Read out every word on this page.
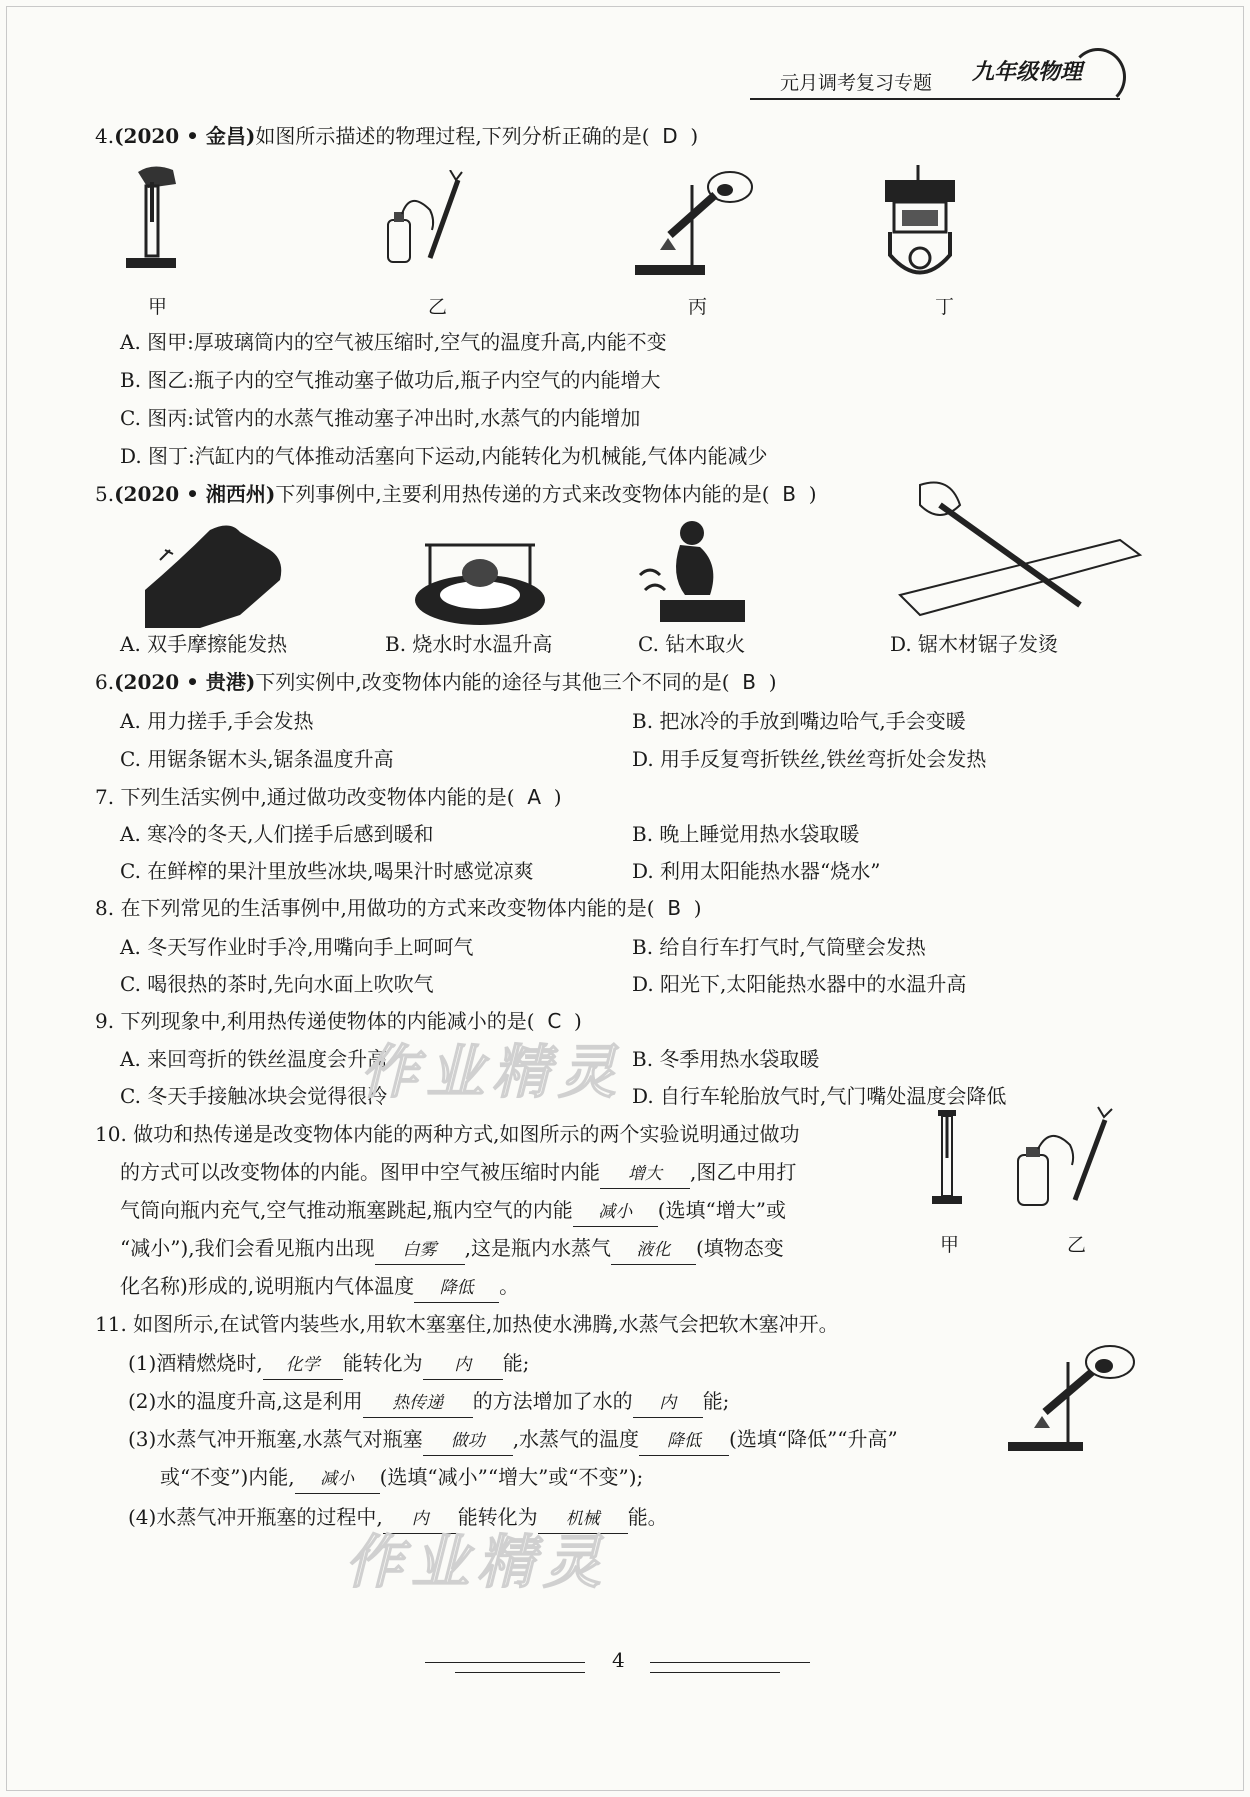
元月调考复习专题 九年级物理
4.(2020 • 金昌)如图所示描述的物理过程,下列分析正确的是( D )
甲	乙	丙	丁
A. 图甲:厚玻璃筒内的空气被压缩时,空气的温度升高,内能不变
B. 图乙:瓶子内的空气推动塞子做功后,瓶子内空气的内能增大
C. 图丙:试管内的水蒸气推动塞子冲出时,水蒸气的内能增加
D. 图丁:汽缸内的气体推动活塞向下运动,内能转化为机械能,气体内能减少
5.(2020 • 湘西州)下列事例中,主要利用热传递的方式来改变物体内能的是( B )
A. 双手摩擦能发热	B. 烧水时水温升高	C. 钻木取火	D. 锯木材锯子发烫
6.(2020 • 贵港)下列实例中,改变物体内能的途径与其他三个不同的是( B )
A. 用力搓手,手会发热	B. 把冰冷的手放到嘴边哈气,手会变暖
C. 用锯条锯木头,锯条温度升高	D. 用手反复弯折铁丝,铁丝弯折处会发热
7. 下列生活实例中,通过做功改变物体内能的是( A )
A. 寒冷的冬天,人们搓手后感到暖和	B. 晚上睡觉用热水袋取暖
C. 在鲜榨的果汁里放些冰块,喝果汁时感觉凉爽	D. 利用太阳能热水器“烧水”
8. 在下列常见的生活事例中,用做功的方式来改变物体内能的是( B )
A. 冬天写作业时手冷,用嘴向手上呵呵气	B. 给自行车打气时,气筒壁会发热
C. 喝很热的茶时,先向水面上吹吹气	D. 阳光下,太阳能热水器中的水温升高
9. 下列现象中,利用热传递使物体的内能减小的是( C )
A. 来回弯折的铁丝温度会升高	B. 冬季用热水袋取暖
C. 冬天手接触冰块会觉得很冷	D. 自行车轮胎放气时,气门嘴处温度会降低
10. 做功和热传递是改变物体内能的两种方式,如图所示的两个实验说明通过做功
的方式可以改变物体的内能。图甲中空气被压缩时内能 增大 ,图乙中用打
气筒向瓶内充气,空气推动瓶塞跳起,瓶内空气的内能 减小 (选填“增大”或
“减小”),我们会看见瓶内出现 白雾 ,这是瓶内水蒸气 液化 (填物态变
化名称)形成的,说明瓶内气体温度 降低 。
甲	乙
11. 如图所示,在试管内装些水,用软木塞塞住,加热使水沸腾,水蒸气会把软木塞冲开。
(1)酒精燃烧时, 化学 能转化为 内 能;
(2)水的温度升高,这是利用 热传递 的方法增加了水的 内 能;
(3)水蒸气冲开瓶塞,水蒸气对瓶塞 做功 ,水蒸气的温度 降低 (选填“降低”“升高”
或“不变”)内能, 减小 (选填“减小”“增大”或“不变”);
(4)水蒸气冲开瓶塞的过程中, 内 能转化为 机械 能。
作业精灵
作业精灵
4
